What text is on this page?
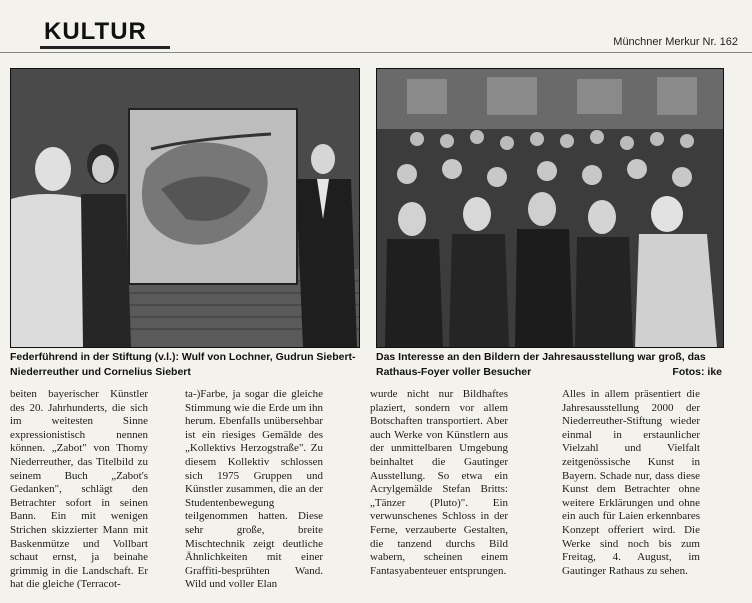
KULTUR	Münchner Merkur Nr. 162
Federführend in der Stiftung (v.l.): Wulf von Lochner, Gudrun Siebert-Niederreuther und Cornelius Siebert
Das Interesse an den Bildern der Jahresausstellung war groß, das Rathaus-Foyer voller Besucher	Fotos: ike

beiten bayerischer Künstler des 20. Jahrhunderts, die sich im weitesten Sinne expressionistisch nennen können. „Zabot" von Thomy Niederreuther, das Titelbild zu seinem Buch „Zabot's Gedanken", schlägt den Betrachter sofort in seinen Bann. Ein mit wenigen Strichen skizzierter Mann mit Baskenmütze und Vollbart schaut ernst, ja beinahe grimmig in die Landschaft. Er hat die gleiche (Terracot-

ta-)Farbe, ja sogar die gleiche Stimmung wie die Erde um ihn herum. Ebenfalls unübersehbar ist ein riesiges Gemälde des „Kollektivs Herzogstraße". Zu diesem Kollektiv schlossen sich 1975 Gruppen und Künstler zusammen, die an der Studentenbewegung teilgenommen hatten. Diese sehr große, breite Mischtechnik zeigt deutliche Ähnlichkeiten mit einer Graffiti-besprühten Wand. Wild und voller Elan

wurde nicht nur Bildhaftes plaziert, sondern vor allem Botschaften transportiert. Aber auch Werke von Künstlern aus der unmittelbaren Umgebung beinhaltet die Gautinger Ausstellung. So etwa ein Acrylgemälde Stefan Britts: „Tänzer (Pluto)". Ein verwunschenes Schloss in der Ferne, verzauberte Gestalten, die tanzend durchs Bild wabern, scheinen einem Fantasyabenteuer entsprungen.

Alles in allem präsentiert die Jahresausstellung 2000 der Niederreuther-Stiftung wieder einmal in erstaunlicher Vielzahl und Vielfalt zeitgenössische Kunst in Bayern. Schade nur, dass diese Kunst dem Betrachter ohne weitere Erklärungen und ohne ein auch für Laien erkennbares Konzept offeriert wird. Die Werke sind noch bis zum Freitag, 4. August, im Gautinger Rathaus zu sehen.
